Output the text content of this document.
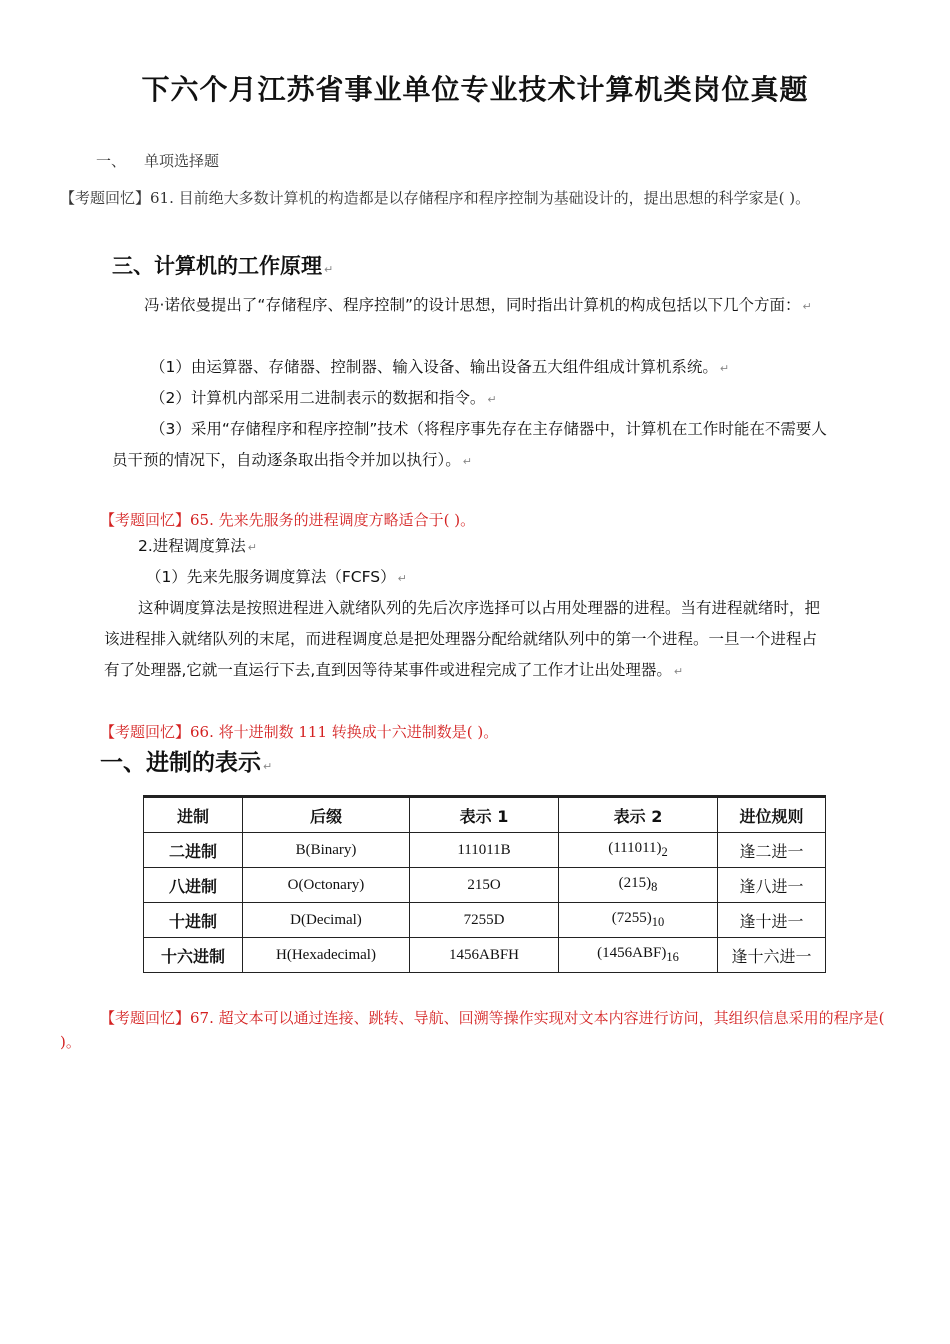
下六个月江苏省事业单位专业技术计算机类岗位真题
一、 单项选择题
【考题回忆】61. 目前绝大多数计算机的构造都是以存储程序和程序控制为基础设计的，提出思想的科学家是( )。
三、计算机的工作原理 ↵
冯·诺依曼提出了“存储程序、程序控制”的设计思想，同时指出计算机的构成包括以下几个方面： ↵
（1）由运算器、存储器、控制器、输入设备、输出设备五大组件组成计算机系统。 ↵
（2）计算机内部采用二进制表示的数据和指令。 ↵
（3）采用“存储程序和程序控制”技术（将程序事先存在主存储器中，计算机在工作时能在不需要人员干预的情况下，自动逐条取出指令并加以执行）。 ↵
【考题回忆】65. 先来先服务的进程调度方略适合于( )。
2.进程调度算法 ↵
（1）先来先服务调度算法（FCFS） ↵
这种调度算法是按照进程进入就绪队列的先后次序选择可以占用处理器的进程。当有进程就绪时，把该进程排入就绪队列的末尾，而进程调度总是把处理器分配给就绪队列中的第一个进程。一旦一个进程占有了处理器,它就一直运行下去,直到因等待某事件或进程完成了工作才让出处理器。 ↵
【考题回忆】66. 将十进制数 111 转换成十六进制数是( )。
一、进制的表示 ↵
进制	后缀	表示 1	表示 2	进位规则
二进制	B(Binary)	111011B	$(111011)_2$	逢二进一
八进制	O(Octonary)	215O	$(215)_8$	逢八进一
十进制	D(Decimal)	7255D	$(7255)_{10}$	逢十进一
十六进制	H(Hexadecimal)	1456ABFH	$(1456ABF)_{16}$	逢十六进一
【考题回忆】67. 超文本可以通过连接、跳转、导航、回溯等操作实现对文本内容进行访问，其组织信息采用的程序是( )。
